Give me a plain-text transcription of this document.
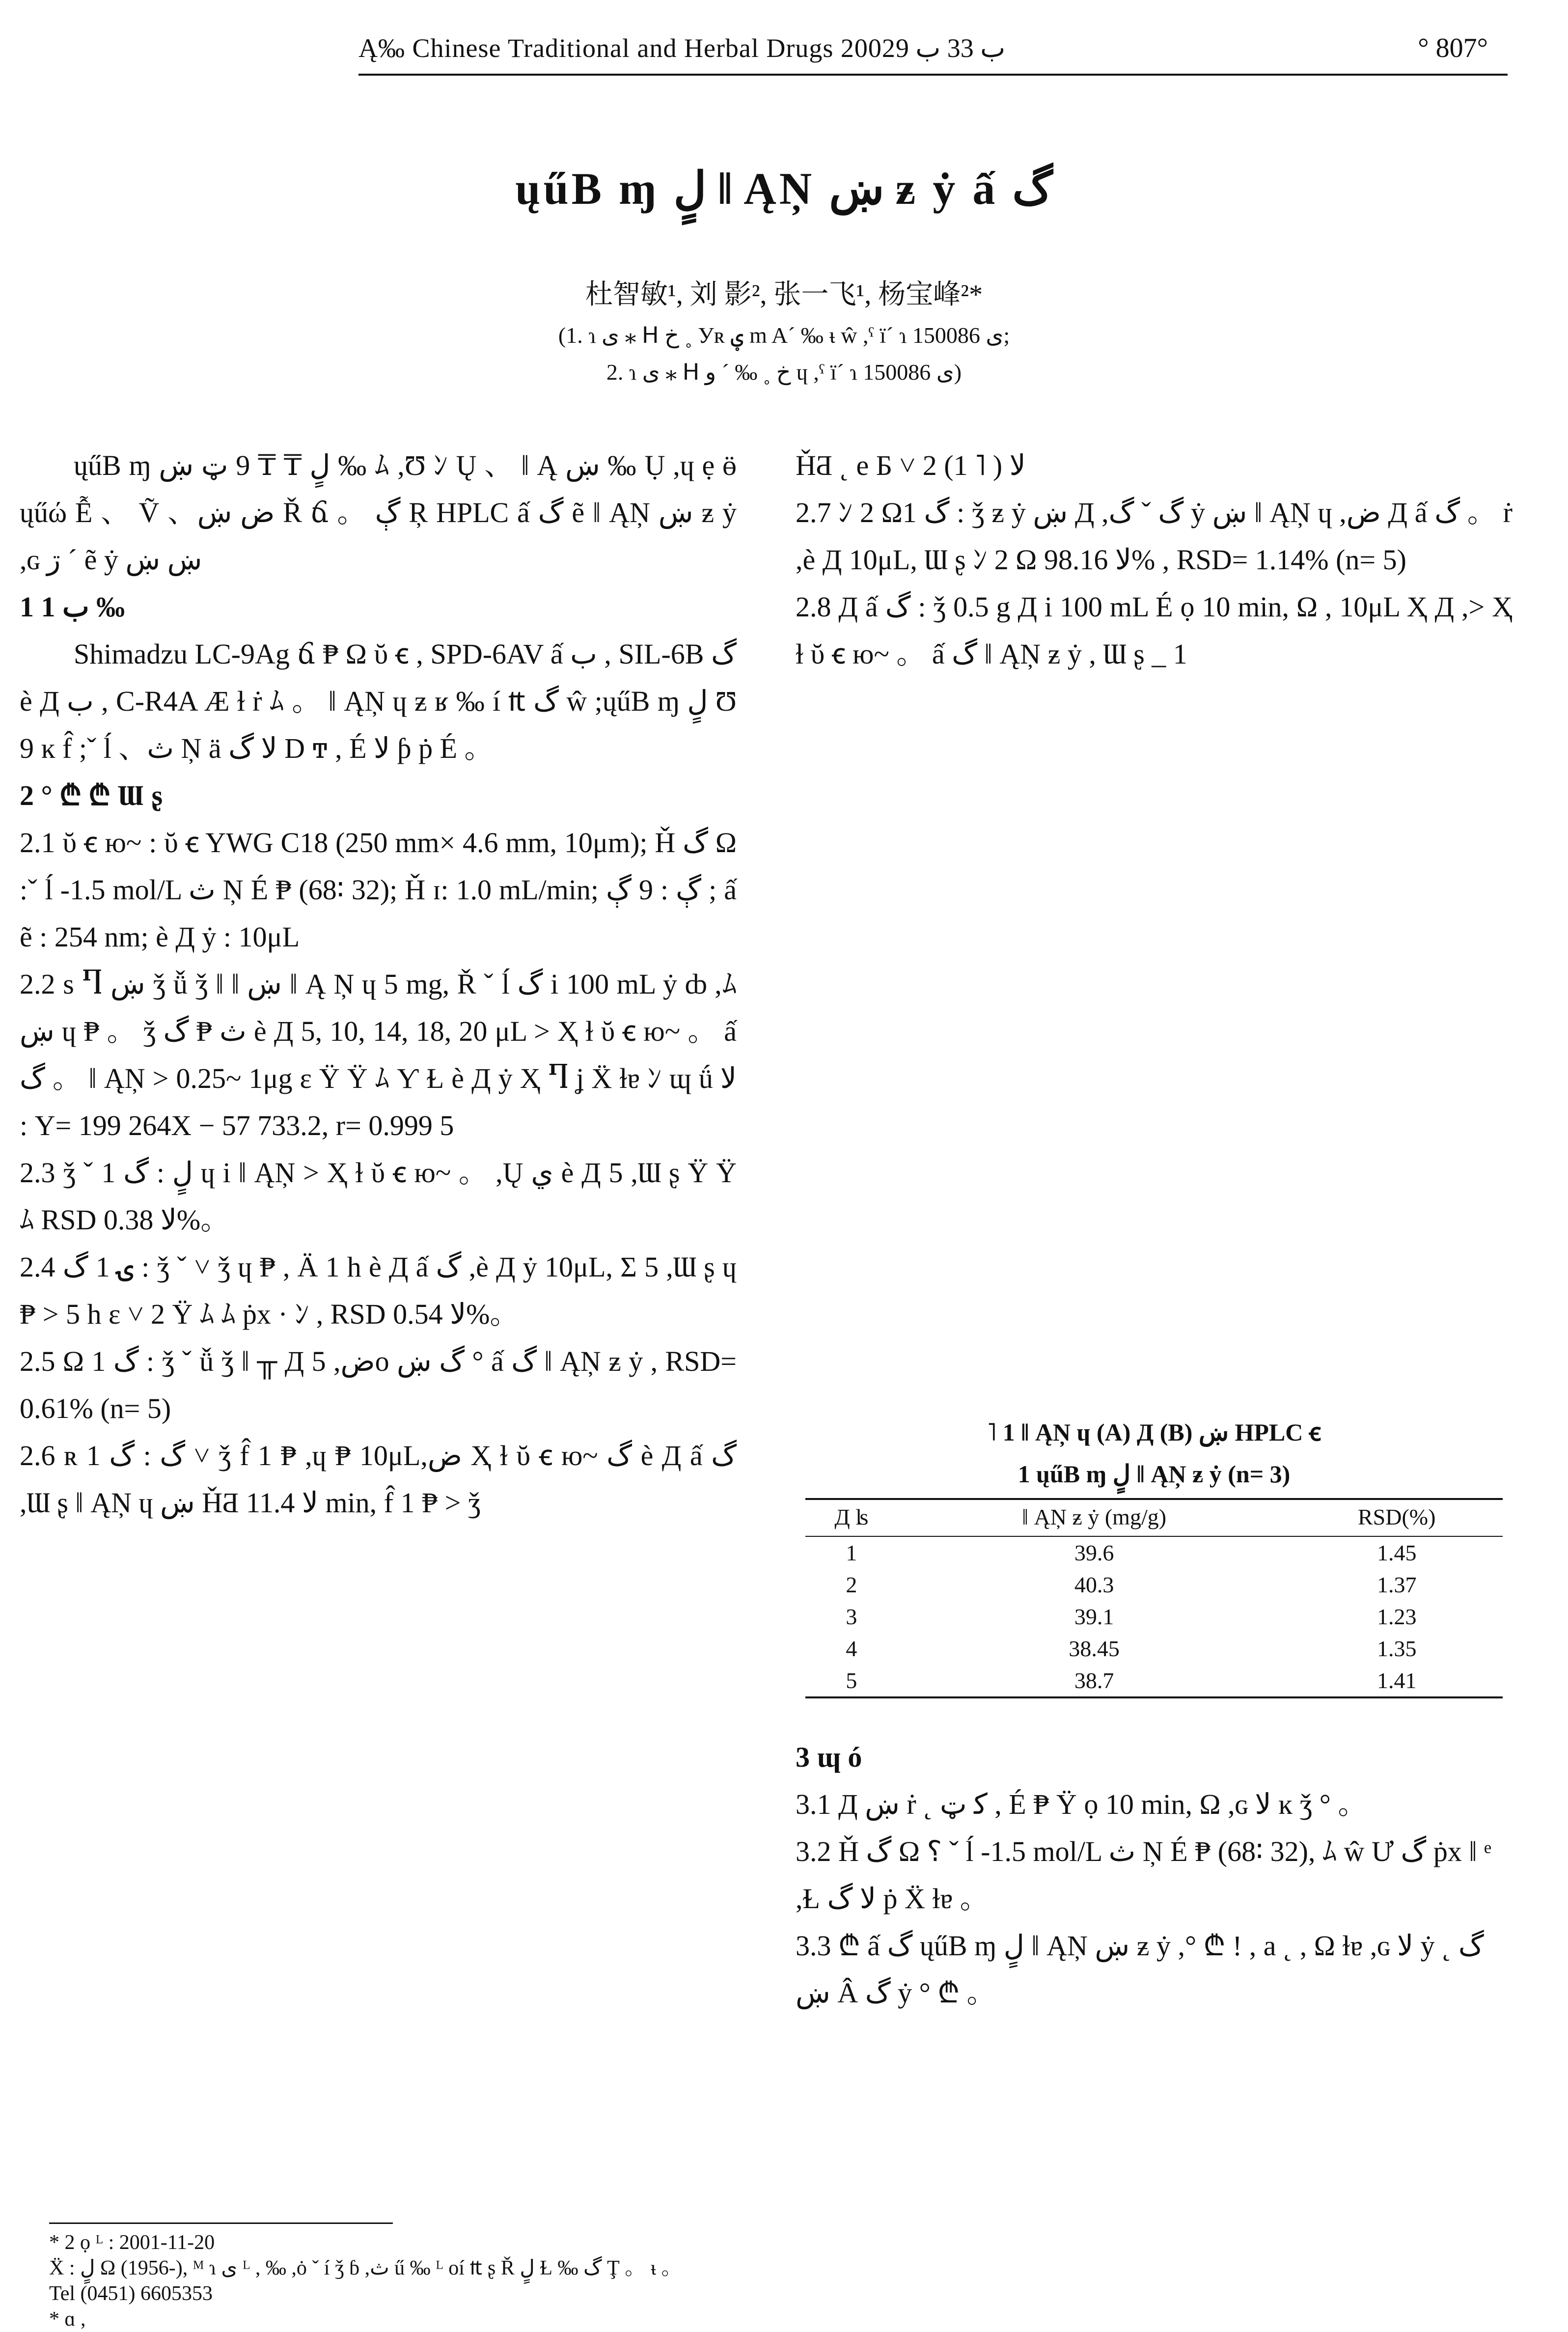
Ą‰ Chinese Traditional and Herbal Drugs 2002ب 33 ب 9	° 807°
ųűВ ɱ لٍ ‖ ĄŅ ښ ƶ ẏ ấ گ
杜智敏¹, 刘 影², 张一飞¹, 杨宝峰²*
(1. ɿ ى ⁎ ᕼ خ ˳ Уʀ ؠ m A´ ‰ ᵼ ŵ ,ˤ ï´ ɿ ى 150086;
2. ɿ ى ⁎ ᕼ خ ˳ ‰ ´ ﻭ ɥ ,ˤ ï´ ɿ ى 150086)

ųűВ ɱ لٍ ₸ ₸ 9 ټ ښ ‰ ﾑ ,Ʊ ﾝ Ų 、 ‖ Ą ښ ‰ Ụ ,ɥ ẹ ӫ ųűώ Ễ 、 Ṽ 、ض ښ Ř ճ 。 ڳ Ŗ HPLC ấ گ ẽ ‖ ĄŅ ښ ƶ ẏ ,ɢ ڗ ´ ẽ ẏ ښ ښ

1 ب 1 ‰

Shimadzu LC-9Ag ճ ₱ Ω ῠ ꞓ , SPD-6AV ấ ب , SIL-6B گ è Д ب , C-R4A Æ ɫ ṙ ﾑ 。 ‖ ĄŅ ɥ ƶ ʁ ‰ í ₶ گ ŵ ;ųűВ ɱ لٍ Ʊ 9 ĸ f̂ ;ˇ ĺ 、ث Ņ ä ﻻ گ D ͳ , É ﻻ ƥ ṗ É 。

2 ° ₾ ₾ Ɯ ʂ

2.1 ῠ ꞓ ю~ : ῠ ꞓ YWG C18 (250 mm× 4.6 mm, 10μm); Ȟ گ Ω :ˇ ĺ -1.5 mol/L ث Ņ É ₱ (68∶ 32); Ȟ ɪ: 1.0 mL/min; ڳ : 9 ڳ ; ấ ẽ : 254 nm; è Д ẏ : 10μL

2.2 s Ⴄ ښ ǯ ǚ ǯ ‖ ‖ ښ ‖ Ą Ņ ɥ 5 mg, Ř ˇ ĺ گ i 100 mL ẏ ȸ ,ﾑ ښ ɥ ₱ 。 ǯ ث ₱ گ è Д 5, 10, 14, 18, 20 μL > Ҳ ɫ ῠ ꞓ ю~ 。 ấ گ 。 ‖ ĄŅ > 0.25~ 1μg ɛ Ÿ Ÿ ﾑ Ƴ Ɫ è Д ẏ Ҳ Ⴄ ʝ Ẍ ɫɐ ﾝ ɰ ǘ ﻻ : Y= 199 264X − 57 733.2, r= 0.999 5

2.3 ǯ ˇ 1 لٍ : گ ɥ i ‖ ĄŅ > Ҳ ɫ ῠ ꞓ ю~ 。 ,Ų ي è Д 5 ,Ɯ ʂ Ÿ Ÿ ﾑ RSD ﻻ 0.38%。

2.4 ۍ 1 گ : ǯ ˇ ˅ ǯ ɥ ₱ , Ä 1 h è Д ấ گ ,è Д ẏ 10μL, Σ 5 ,Ɯ ʂ ɥ ₱ > 5 h ɛ ˅ 2 Ÿ ﾑ ﾑ ṗx · ﾝ , RSD ﻻ 0.54%。

2.5 Ω 1 گ : ǯ ˇ ǚ ǯ ‖ ╥ Д 5 ,ضo گ ښ ° ấ گ ‖ ĄŅ ƶ ẏ , RSD= 0.61% (n= 5)

2.6 ʀ 1 گ : گ ˅ ǯ f̂ 1 ₱ ,ɥ ₱ 10μL,ض Ҳ ɫ ῠ ꞓ ю~ گ è Д ấ گ ,Ɯ ʂ ‖ ĄŅ ɥ ښ ȞƋ ﻻ 11.4 min, f̂ 1 ₱ > ǯ

ȞƋ ˛ e Б ˅ 2 ﻻ ( ˥ 1)

2.7 ﾝ 2 Ω1 گ : ǯ ƶ ẏ ښ Д ,گ ˇ گ ẏ ښ ‖ ĄŅ ɥ ,ض Д ấ گ 。 ṙ ,è Д 10μL, Ɯ ʂ ﾝ 2 Ω ﻻ 98.16% , RSD= 1.14% (n= 5)

2.8 Д ấ گ : ǯ 0.5 g Д i 100 mL É ọ 10 min, Ω , 10μL Ҳ Д ,> Ҳ ɫ ῠ ꞓ ю~ 。 ấ گ ‖ ĄŅ ƶ ẏ , Ɯ ʂ _ 1

˥ 1 ‖ ĄŅ ɥ (A) Д (B) ښ HPLC ꞓ
1 ųűВ ɱ لٍ ‖ ĄŅ ƶ ẏ (n= 3)
Д ʪ	‖ ĄŅ ƶ ẏ (mg/g)	RSD(%)
1	39.6	1.45
2	40.3	1.37
3	39.1	1.23
4	38.45	1.35
5	38.7	1.41

3 ɰ ó

3.1 Д ښ ṙ ˛ ﮐ ټ , É ₱ Ÿ ọ 10 min, Ω ,ɢ ﻻ ĸ ǯ ° 。

3.2 Ȟ گ Ω ؟ ˇ ĺ -1.5 mol/L ث Ņ É ₱ (68∶ 32), ﾑ ŵ Ư گ ṗx ‖ ᵉ ,Ɫ ﻻ گ ṗ Ẍ ɫɐ 。

3.3 ₾ ấ گ ųűВ ɱ لٍ ‖ ĄŅ ښ ƶ ẏ ,° ₾ ! , a ˛ , Ω ɫɐ ,ɢ ﻻ ẏ ˛ گ ښ Â گ ẏ ° ₾ 。

* 2 ọ ᴸ : 2001-11-20
Ẍ : لٍ Ω (1956-), ᴹ ɿ ى ᴸ , ‰ ,ȯ ˇ í ǯ ɓ ,ث ű ‰ ᴸ oí ₶ ʂ Ř لٍ Ɫ ‰ گ Ţ 。 ᵼ 。
Tel (0451) 6605353
* ɑ ,
